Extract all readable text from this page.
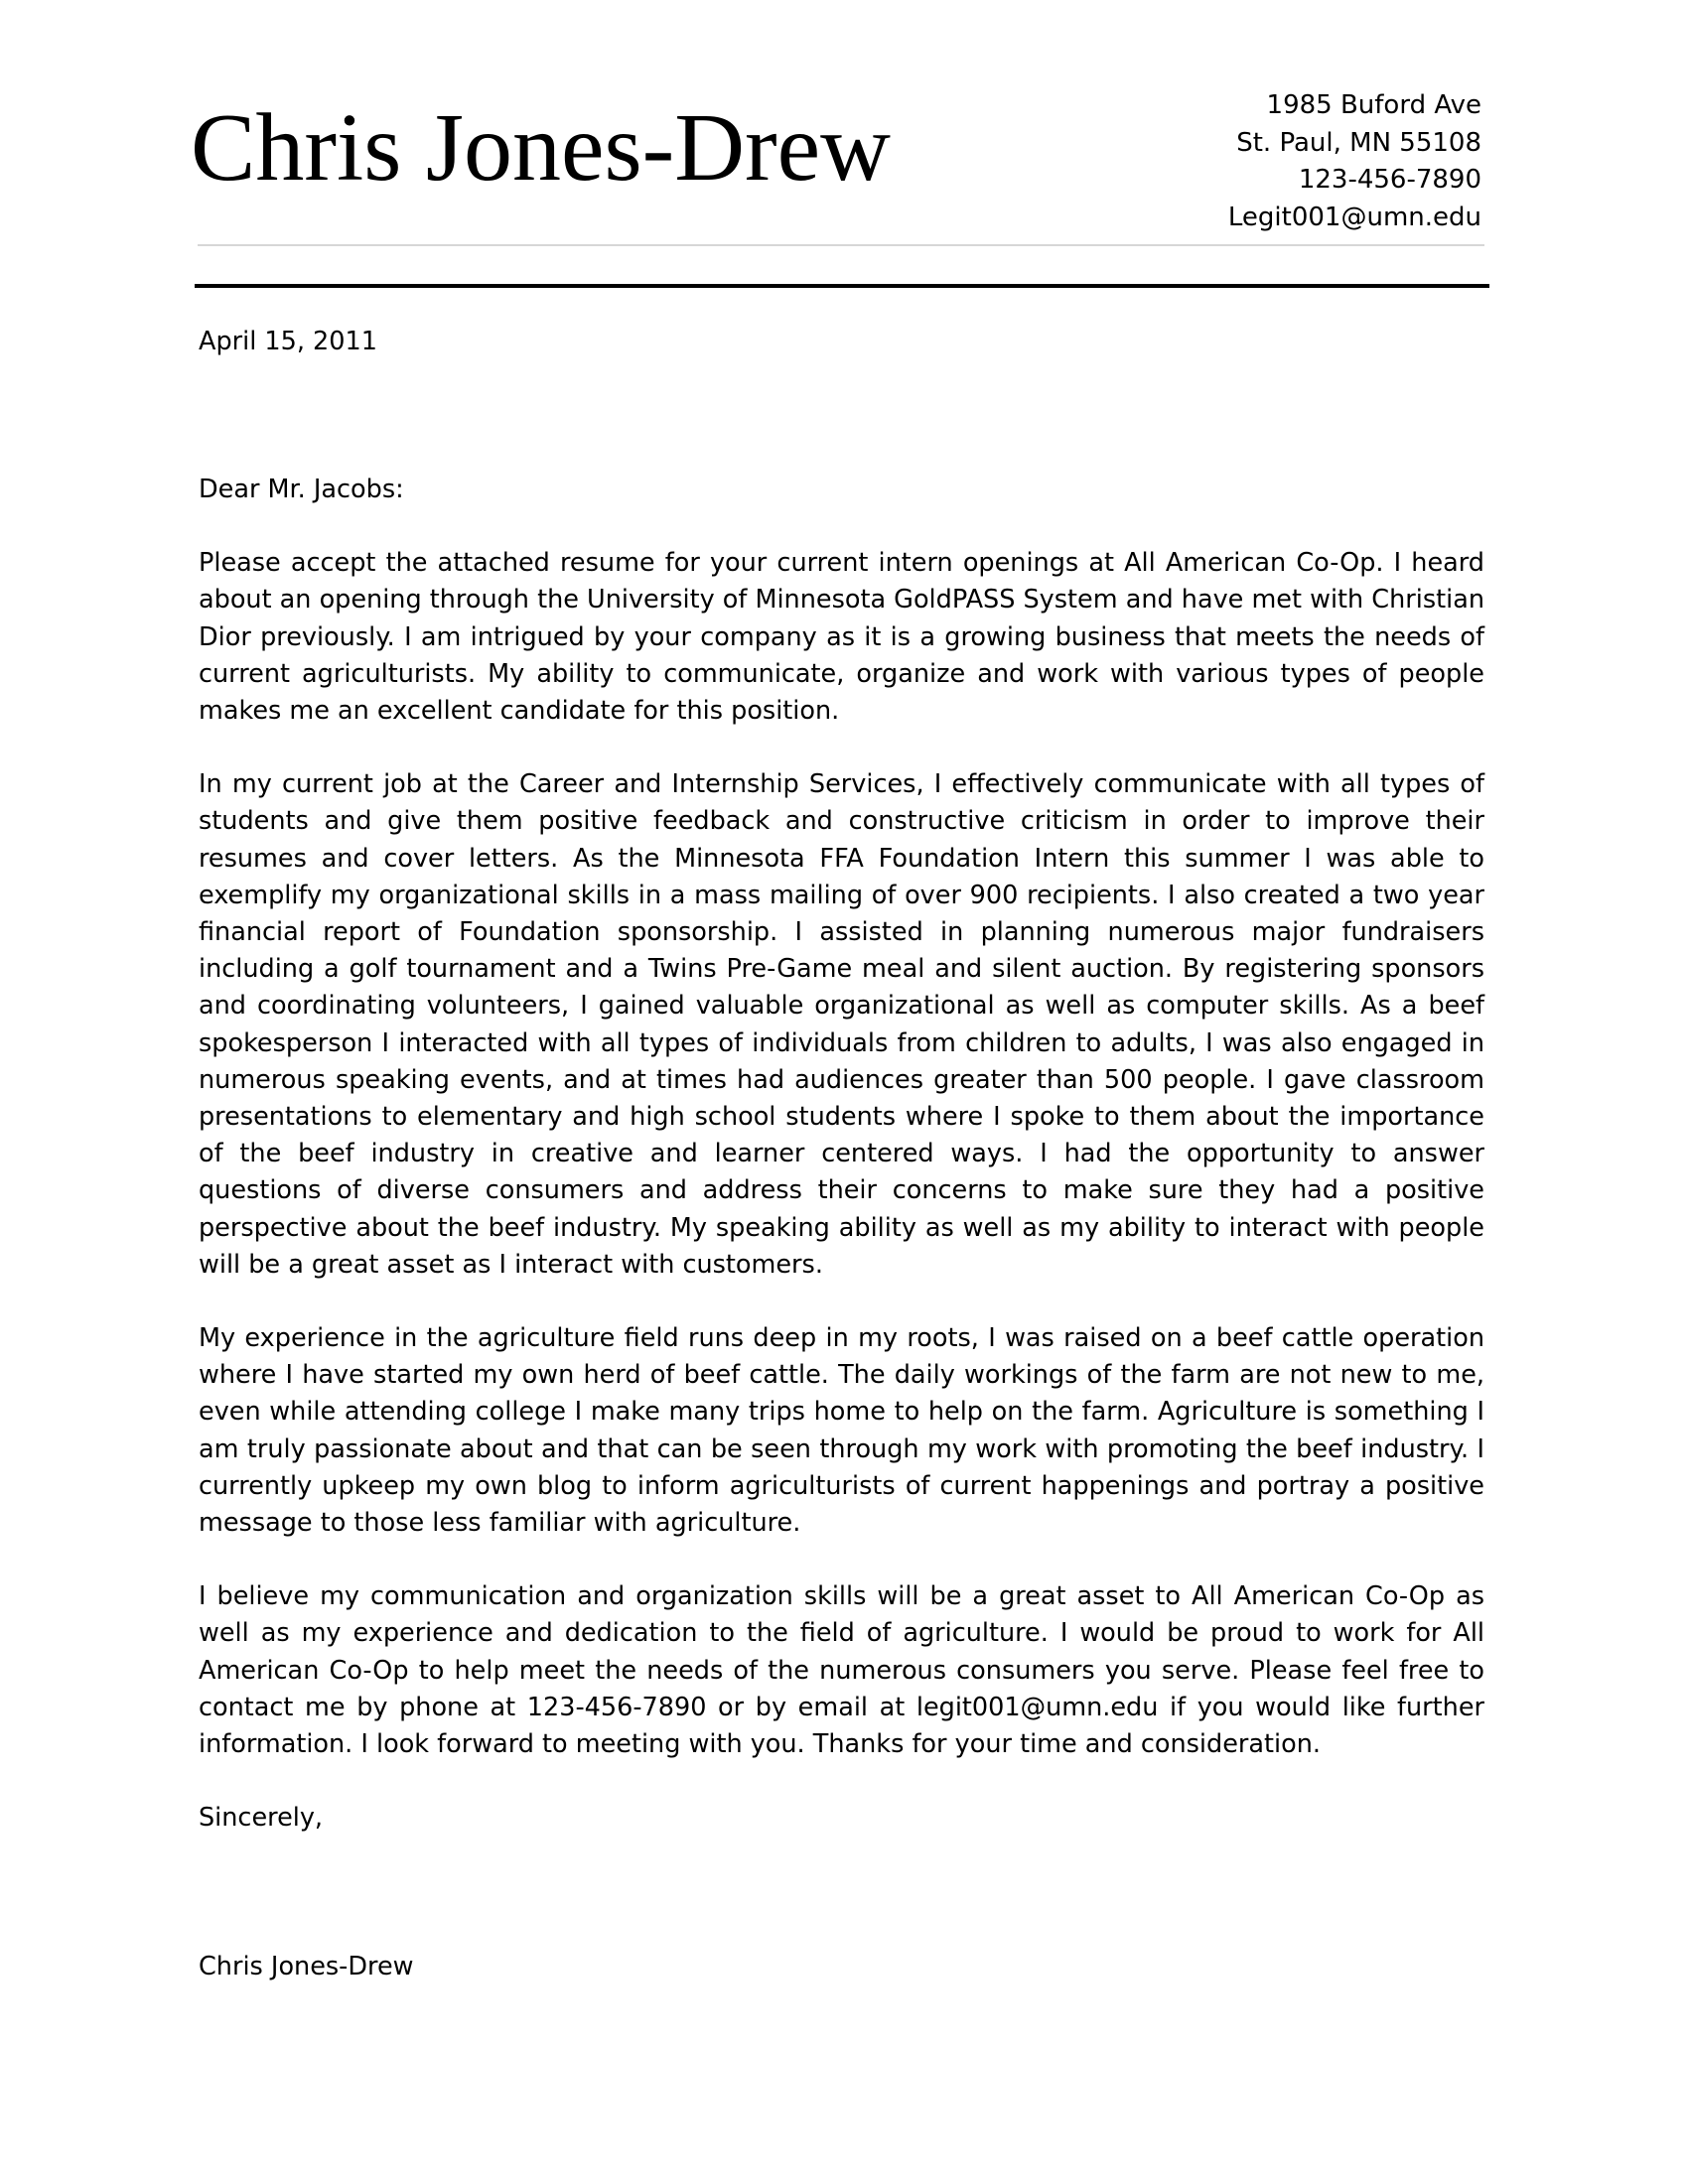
Chris Jones-Drew	1985 Buford Ave
St. Paul, MN 55108
123-456-7890
Legit001@umn.edu

April 15, 2011

Dear Mr. Jacobs:

Please accept the attached resume for your current intern openings at All American Co-Op. I heard about an opening through the University of Minnesota GoldPASS System and have met with Christian Dior previously. I am intrigued by your company as it is a growing business that meets the needs of current agriculturists. My ability to communicate, organize and work with various types of people makes me an excellent candidate for this position.

In my current job at the Career and Internship Services, I effectively communicate with all types of students and give them positive feedback and constructive criticism in order to improve their resumes and cover letters. As the Minnesota FFA Foundation Intern this summer I was able to exemplify my organizational skills in a mass mailing of over 900 recipients. I also created a two year financial report of Foundation sponsorship. I assisted in planning numerous major fundraisers including a golf tournament and a Twins Pre-Game meal and silent auction. By registering sponsors and coordinating volunteers, I gained valuable organizational as well as computer skills. As a beef spokesperson I interacted with all types of individuals from children to adults, I was also engaged in numerous speaking events, and at times had audiences greater than 500 people. I gave classroom presentations to elementary and high school students where I spoke to them about the importance of the beef industry in creative and learner centered ways. I had the opportunity to answer questions of diverse consumers and address their concerns to make sure they had a positive perspective about the beef industry. My speaking ability as well as my ability to interact with people will be a great asset as I interact with customers.

My experience in the agriculture field runs deep in my roots, I was raised on a beef cattle operation where I have started my own herd of beef cattle. The daily workings of the farm are not new to me, even while attending college I make many trips home to help on the farm. Agriculture is something I am truly passionate about and that can be seen through my work with promoting the beef industry. I currently upkeep my own blog to inform agriculturists of current happenings and portray a positive message to those less familiar with agriculture.

I believe my communication and organization skills will be a great asset to All American Co-Op as well as my experience and dedication to the field of agriculture. I would be proud to work for All American Co-Op to help meet the needs of the numerous consumers you serve. Please feel free to contact me by phone at 123-456-7890 or by email at legit001@umn.edu if you would like further information. I look forward to meeting with you. Thanks for your time and consideration.

Sincerely,

Chris Jones-Drew
